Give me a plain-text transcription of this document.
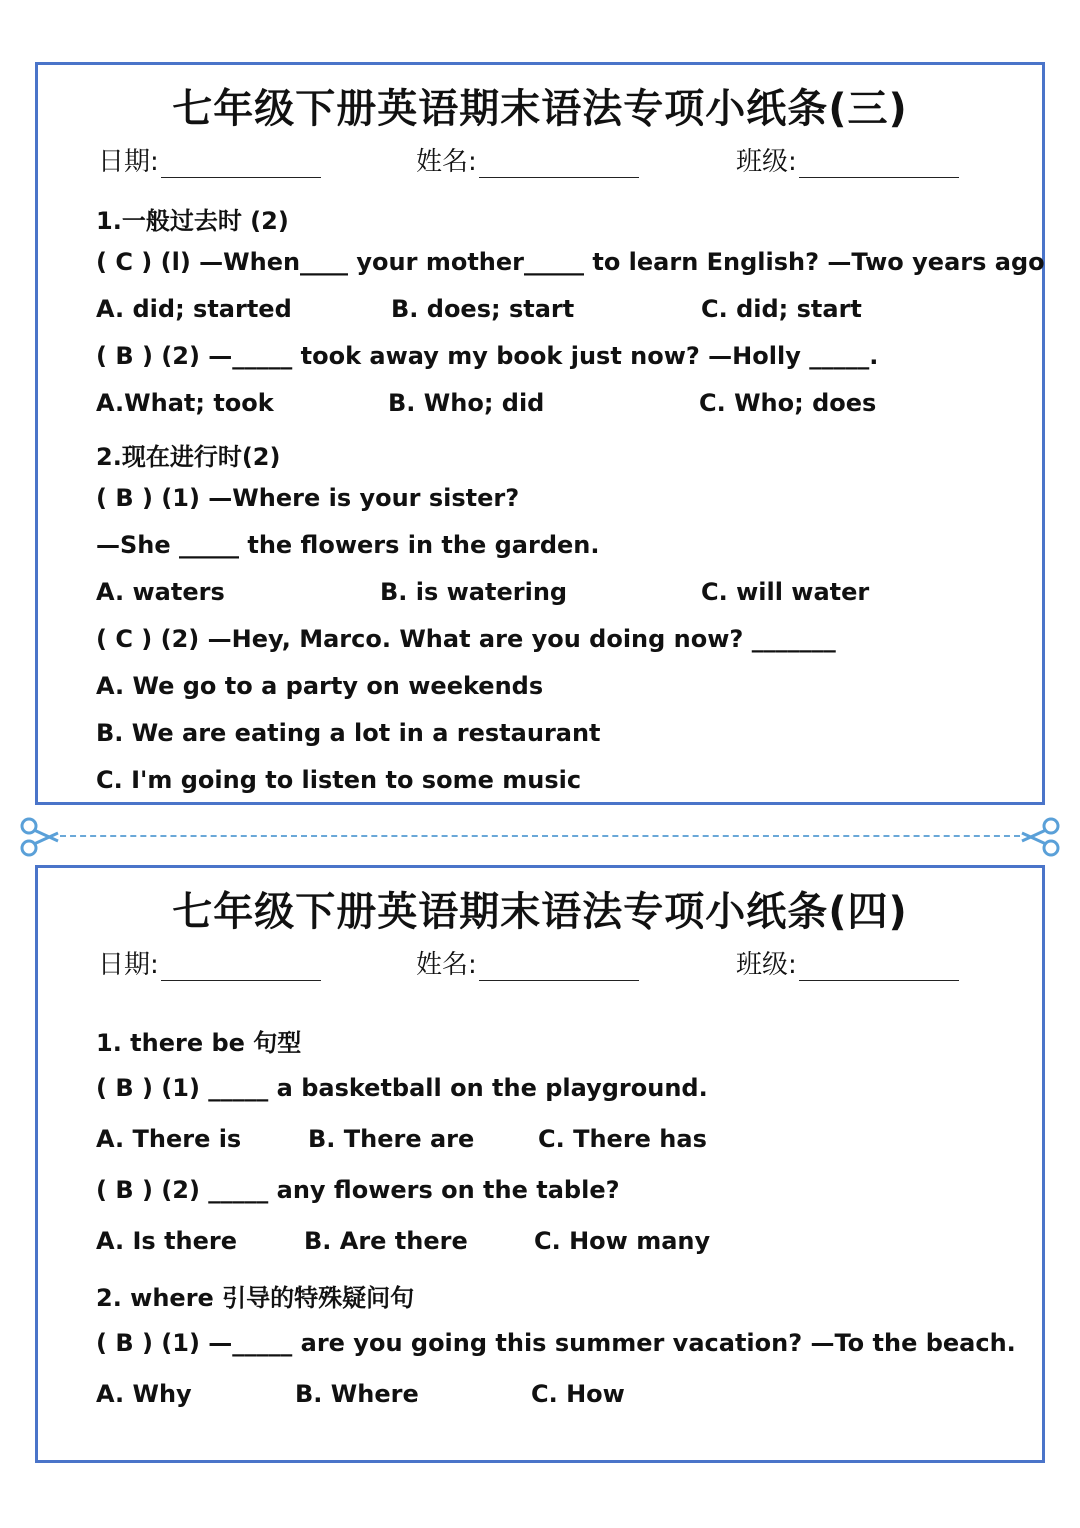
七年级下册英语期末语法专项小纸条(三)
日期:	姓名:	班级:
1.一般过去时 (2)
( C ) (l) —When____ your mother_____ to learn English? —Two years ago
A. did; started	B. does; start	C. did; start
( B ) (2) —_____ took away my book just now? —Holly _____.
A.What; took	B. Who; did	C. Who; does
2.现在进行时(2)
( B ) (1) —Where is your sister?
—She _____ the flowers in the garden.
A. waters	B. is watering	C. will water
( C ) (2) —Hey, Marco. What are you doing now? _______
A. We go to a party on weekends
B. We are eating a lot in a restaurant
C. I'm going to listen to some music
七年级下册英语期末语法专项小纸条(四)
日期:	姓名:	班级:
1. there be 句型
( B ) (1) _____ a basketball on the playground.
A. There is	B. There are	C. There has
( B ) (2) _____ any flowers on the table?
A. Is there	B. Are there	C. How many
2. where 引导的特殊疑问句
( B ) (1) —_____ are you going this summer vacation? —To the beach.
A. Why	B. Where	C. How
